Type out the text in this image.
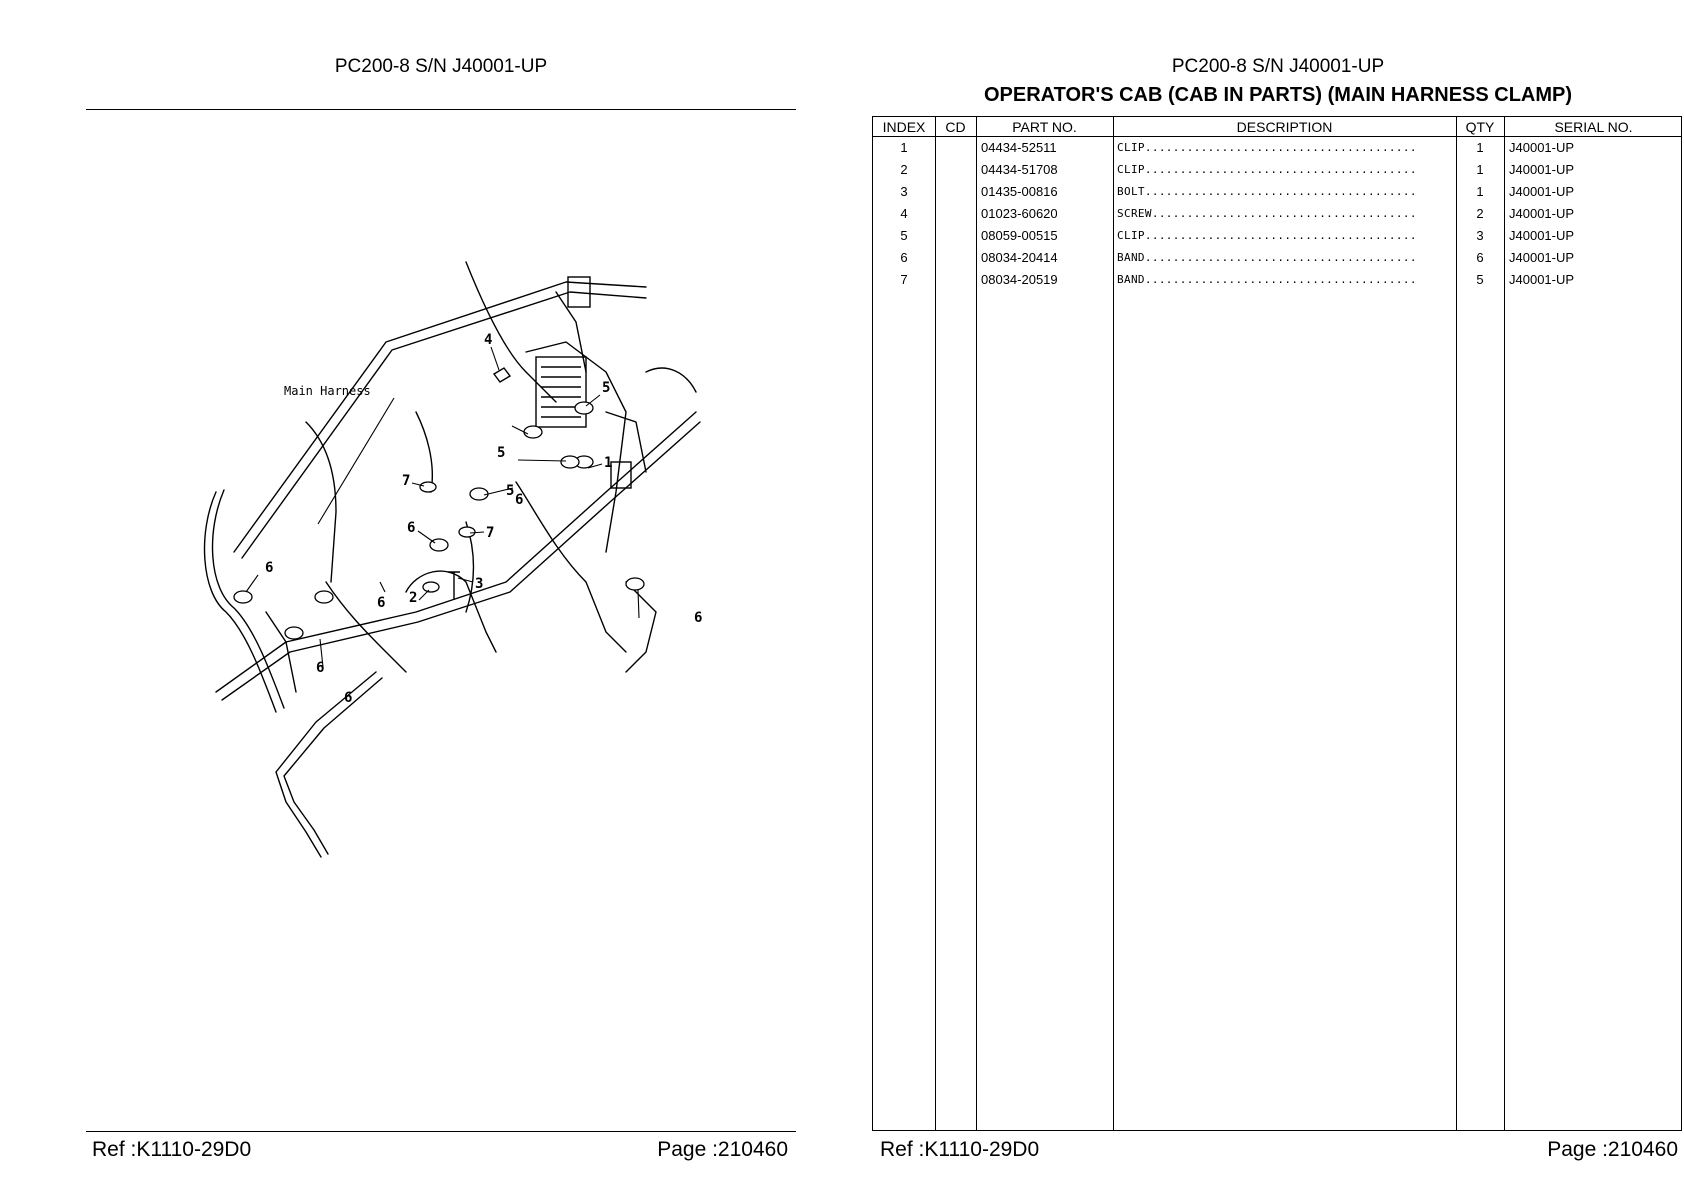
PC200-8 S/N J40001-UP
Main Harness
4
5
5
5
1
7
6
6
2
7
3
6
6
6
6
6
Ref :K1110-29D0	Page :210460
PC200-8 S/N J40001-UP
OPERATOR'S CAB (CAB IN PARTS) (MAIN HARNESS CLAMP)
INDEX	CD	PART NO.	DESCRIPTION	QTY	SERIAL NO.
1	04434-52511	CLIP.......................................	1	J40001-UP
2	04434-51708	CLIP.......................................	1	J40001-UP
3	01435-00816	BOLT.......................................	1	J40001-UP
4	01023-60620	SCREW......................................	2	J40001-UP
5	08059-00515	CLIP.......................................	3	J40001-UP
6	08034-20414	BAND.......................................	6	J40001-UP
7	08034-20519	BAND.......................................	5	J40001-UP
Ref :K1110-29D0	Page :210460
